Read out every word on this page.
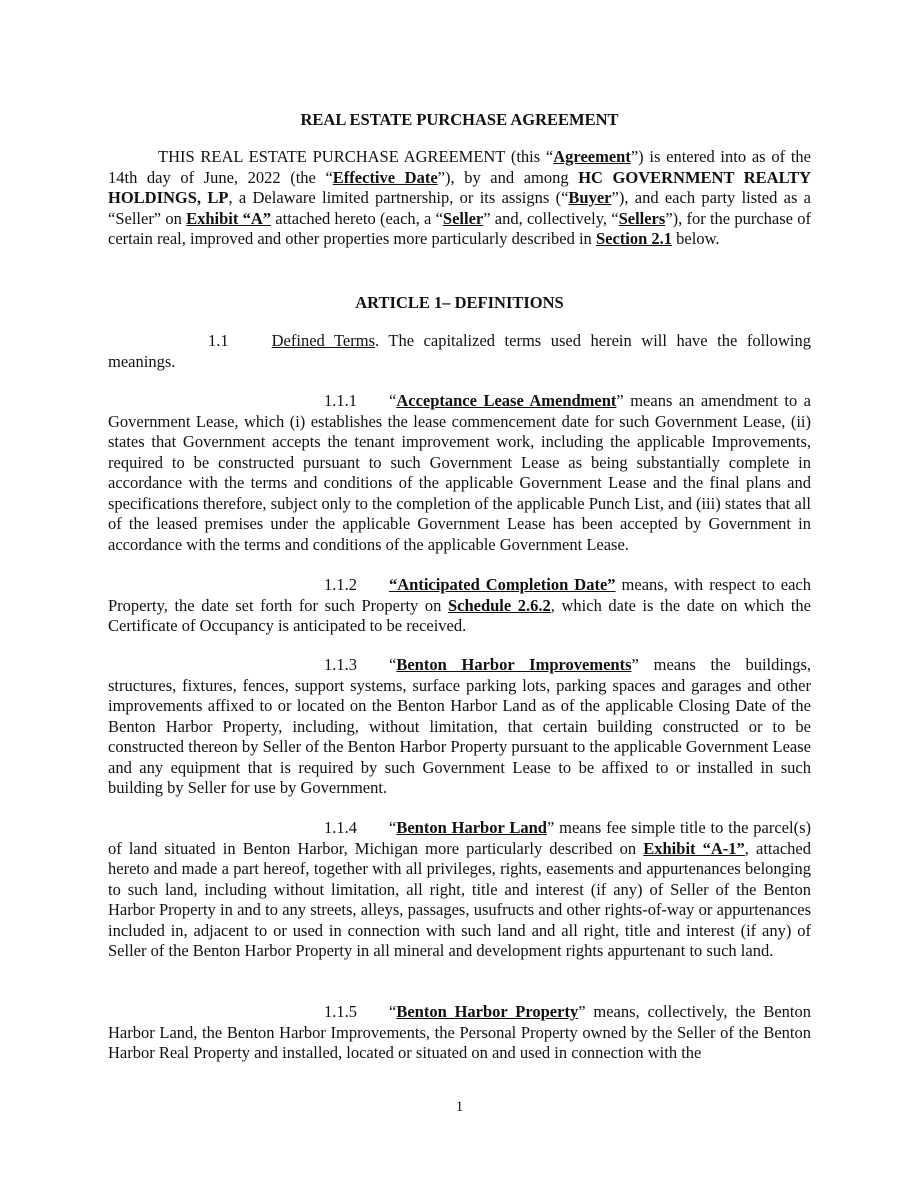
REAL ESTATE PURCHASE AGREEMENT

THIS REAL ESTATE PURCHASE AGREEMENT (this “Agreement”) is entered into as of the 14th day of June, 2022 (the “Effective Date”), by and among HC GOVERNMENT REALTY HOLDINGS, LP, a Delaware limited partnership, or its assigns (“Buyer”), and each party listed as a “Seller” on Exhibit “A” attached hereto (each, a “Seller” and, collectively, “Sellers”), for the purchase of certain real, improved and other properties more particularly described in Section 2.1 below.

ARTICLE 1– DEFINITIONS

1.1	Defined Terms. The capitalized terms used herein will have the following meanings.

1.1.1 “Acceptance Lease Amendment” means an amendment to a Government Lease, which (i) establishes the lease commencement date for such Government Lease, (ii) states that Government accepts the tenant improvement work, including the applicable Improvements, required to be constructed pursuant to such Government Lease as being substantially complete in accordance with the terms and conditions of the applicable Government Lease and the final plans and specifications therefore, subject only to the completion of the applicable Punch List, and (iii) states that all of the leased premises under the applicable Government Lease has been accepted by Government in accordance with the terms and conditions of the applicable Government Lease.

1.1.2 “Anticipated Completion Date” means, with respect to each Property, the date set forth for such Property on Schedule 2.6.2, which date is the date on which the Certificate of Occupancy is anticipated to be received.

1.1.3 “Benton Harbor Improvements” means the buildings, structures, fixtures, fences, support systems, surface parking lots, parking spaces and garages and other improvements affixed to or located on the Benton Harbor Land as of the applicable Closing Date of the Benton Harbor Property, including, without limitation, that certain building constructed or to be constructed thereon by Seller of the Benton Harbor Property pursuant to the applicable Government Lease and any equipment that is required by such Government Lease to be affixed to or installed in such building by Seller for use by Government.

1.1.4 “Benton Harbor Land” means fee simple title to the parcel(s) of land situated in Benton Harbor, Michigan more particularly described on Exhibit “A-1”, attached hereto and made a part hereof, together with all privileges, rights, easements and appurtenances belonging to such land, including without limitation, all right, title and interest (if any) of Seller of the Benton Harbor Property in and to any streets, alleys, passages, usufructs and other rights-of-way or appurtenances included in, adjacent to or used in connection with such land and all right, title and interest (if any) of Seller of the Benton Harbor Property in all mineral and development rights appurtenant to such land.

1.1.5 “Benton Harbor Property” means, collectively, the Benton Harbor Land, the Benton Harbor Improvements, the Personal Property owned by the Seller of the Benton Harbor Real Property and installed, located or situated on and used in connection with the

1
